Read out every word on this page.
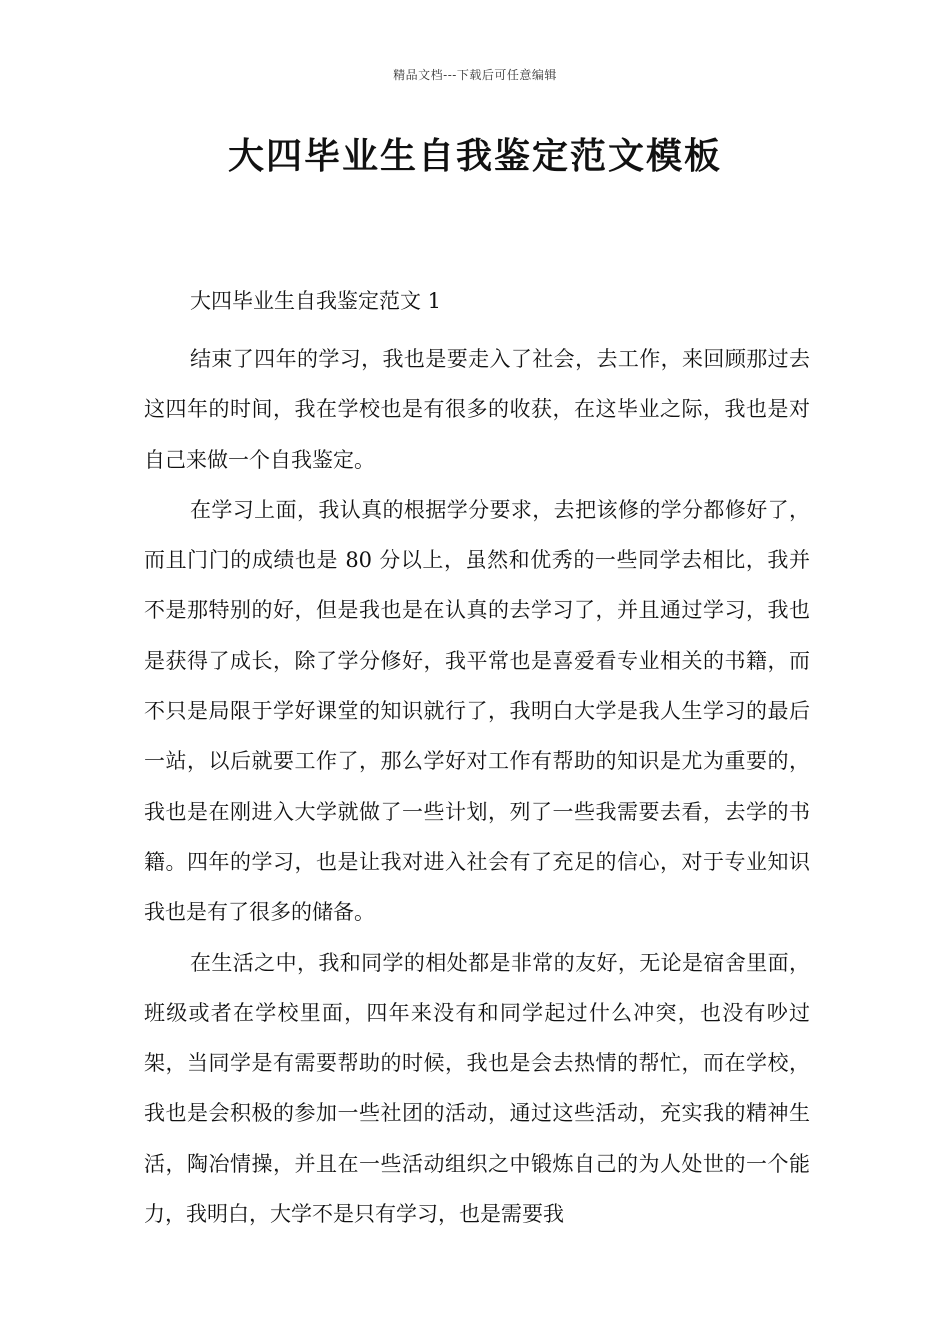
精品文档---下载后可任意编辑
大四毕业生自我鉴定范文模板
大四毕业生自我鉴定范文 1

结束了四年的学习，我也是要走入了社会，去工作，来回顾那过去这四年的时间，我在学校也是有很多的收获，在这毕业之际，我也是对自己来做一个自我鉴定。

在学习上面，我认真的根据学分要求，去把该修的学分都修好了，而且门门的成绩也是 80 分以上，虽然和优秀的一些同学去相比，我并不是那特别的好，但是我也是在认真的去学习了，并且通过学习，我也是获得了成长，除了学分修好，我平常也是喜爱看专业相关的书籍，而不只是局限于学好课堂的知识就行了，我明白大学是我人生学习的最后一站，以后就要工作了，那么学好对工作有帮助的知识是尤为重要的，我也是在刚进入大学就做了一些计划，列了一些我需要去看，去学的书籍。四年的学习，也是让我对进入社会有了充足的信心，对于专业知识我也是有了很多的储备。

在生活之中，我和同学的相处都是非常的友好，无论是宿舍里面，班级或者在学校里面，四年来没有和同学起过什么冲突，也没有吵过架，当同学是有需要帮助的时候，我也是会去热情的帮忙，而在学校，我也是会积极的参加一些社团的活动，通过这些活动，充实我的精神生活，陶冶情操，并且在一些活动组织之中锻炼自己的为人处世的一个能力，我明白，大学不是只有学习，也是需要我
